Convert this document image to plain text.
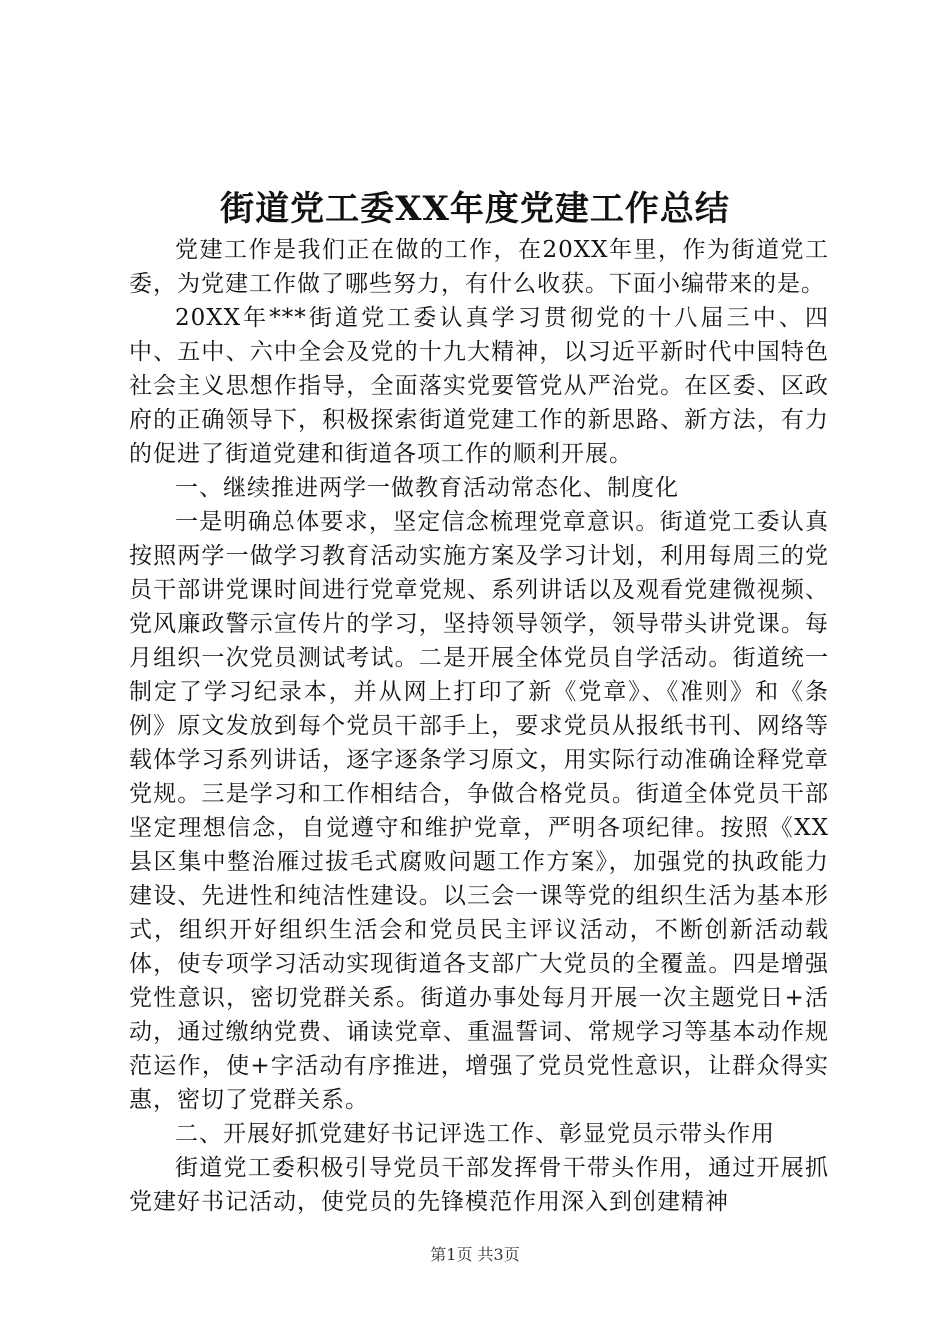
街道党工委XX年度党建工作总结

党建工作是我们正在做的工作，在20XX年里，作为街道党工委，为党建工作做了哪些努力，有什么收获。下面小编带来的是。

20XX年***街道党工委认真学习贯彻党的十八届三中、四中、五中、六中全会及党的十九大精神，以习近平新时代中国特色社会主义思想作指导，全面落实党要管党从严治党。在区委、区政府的正确领导下，积极探索街道党建工作的新思路、新方法，有力的促进了街道党建和街道各项工作的顺利开展。

一、继续推进两学一做教育活动常态化、制度化

一是明确总体要求，坚定信念梳理党章意识。街道党工委认真按照两学一做学习教育活动实施方案及学习计划，利用每周三的党员干部讲党课时间进行党章党规、系列讲话以及观看党建微视频、党风廉政警示宣传片的学习，坚持领导领学，领导带头讲党课。每月组织一次党员测试考试。二是开展全体党员自学活动。街道统一制定了学习纪录本，并从网上打印了新《党章》、《准则》和《条例》原文发放到每个党员干部手上，要求党员从报纸书刊、网络等载体学习系列讲话，逐字逐条学习原文，用实际行动准确诠释党章党规。三是学习和工作相结合，争做合格党员。街道全体党员干部坚定理想信念，自觉遵守和维护党章，严明各项纪律。按照《XX县区集中整治雁过拔毛式腐败问题工作方案》，加强党的执政能力建设、先进性和纯洁性建设。以三会一课等党的组织生活为基本形式，组织开好组织生活会和党员民主评议活动，不断创新活动载体，使专项学习活动实现街道各支部广大党员的全覆盖。四是增强党性意识，密切党群关系。街道办事处每月开展一次主题党日+活动，通过缴纳党费、诵读党章、重温誓词、常规学习等基本动作规范运作，使+字活动有序推进，增强了党员党性意识，让群众得实惠，密切了党群关系。

二、开展好抓党建好书记评选工作、彰显党员示带头作用

街道党工委积极引导党员干部发挥骨干带头作用，通过开展抓党建好书记活动，使党员的先锋模范作用深入到创建精神

第1页 共3页
